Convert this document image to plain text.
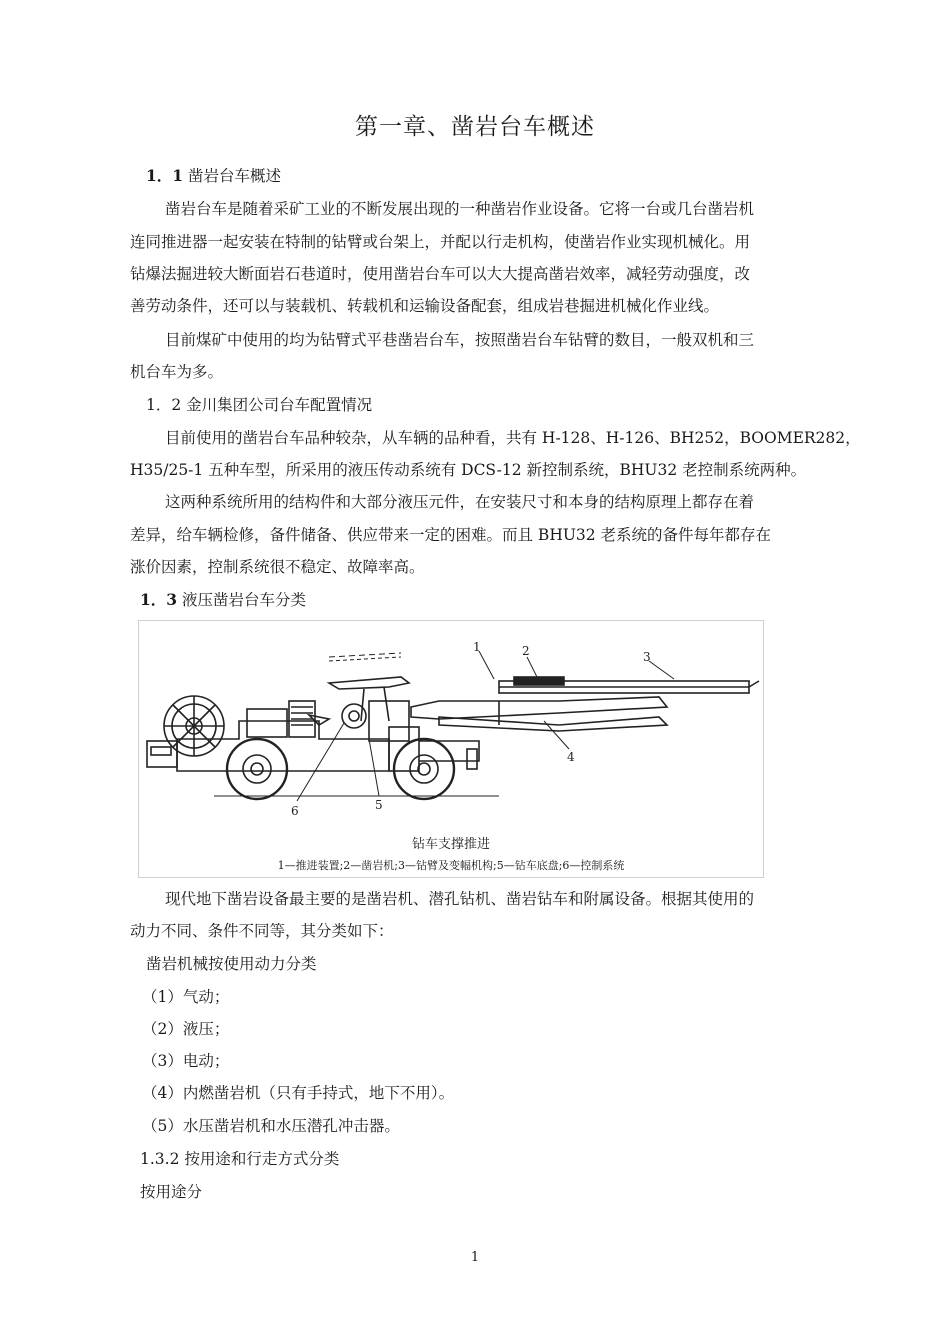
第一章、凿岩台车概述
1．1 凿岩台车概述
凿岩台车是随着采矿工业的不断发展出现的一种凿岩作业设备。它将一台或几台凿岩机
连同推进器一起安装在特制的钻臂或台架上，并配以行走机构，使凿岩作业实现机械化。用
钻爆法掘进较大断面岩石巷道时，使用凿岩台车可以大大提高凿岩效率，减轻劳动强度，改
善劳动条件，还可以与装载机、转载机和运输设备配套，组成岩巷掘进机械化作业线。
目前煤矿中使用的均为钻臂式平巷凿岩台车，按照凿岩台车钻臂的数目，一般双机和三
机台车为多。
1．2 金川集团公司台车配置情况
目前使用的凿岩台车品种较杂，从车辆的品种看，共有 H-128、H-126、BH252，BOOMER282，
H35/25-1 五种车型，所采用的液压传动系统有 DCS-12 新控制系统，BHU32 老控制系统两种。
这两种系统所用的结构件和大部分液压元件，在安装尺寸和本身的结构原理上都存在着
差异，给车辆检修，备件储备、供应带来一定的困难。而且 BHU32 老系统的备件每年都存在
涨价因素，控制系统很不稳定、故障率高。
1．3 液压凿岩台车分类
1	2	3
4
5
6
钻车支撑推进
1—推进装置;2—凿岩机;3—钻臂及变幅机构;5—钻车底盘;6—控制系统
现代地下凿岩设备最主要的是凿岩机、潜孔钻机、凿岩钻车和附属设备。根据其使用的
动力不同、条件不同等，其分类如下：
凿岩机械按使用动力分类
（1）气动；
（2）液压；
（3）电动；
（4）内燃凿岩机（只有手持式，地下不用）。
（5）水压凿岩机和水压潜孔冲击器。
1.3.2 按用途和行走方式分类
按用途分
1
